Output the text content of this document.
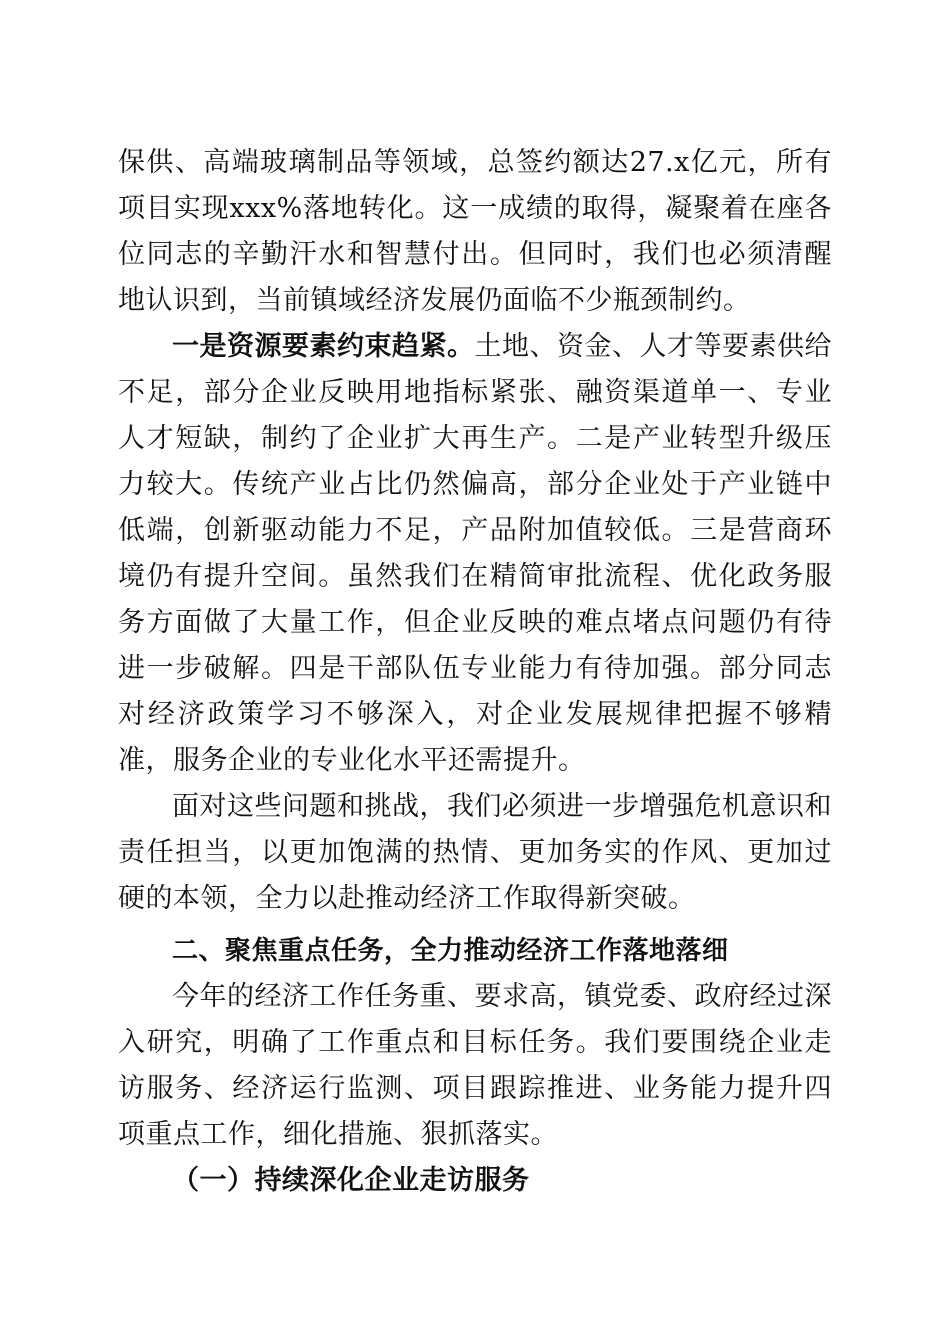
保供、高端玻璃制品等领域，总签约额达27.x亿元，所有项目实现xxx%落地转化。这一成绩的取得，凝聚着在座各位同志的辛勤汗水和智慧付出。但同时，我们也必须清醒地认识到，当前镇域经济发展仍面临不少瓶颈制约。

一是资源要素约束趋紧。土地、资金、人才等要素供给不足，部分企业反映用地指标紧张、融资渠道单一、专业人才短缺，制约了企业扩大再生产。二是产业转型升级压力较大。传统产业占比仍然偏高，部分企业处于产业链中低端，创新驱动能力不足，产品附加值较低。三是营商环境仍有提升空间。虽然我们在精简审批流程、优化政务服务方面做了大量工作，但企业反映的难点堵点问题仍有待进一步破解。四是干部队伍专业能力有待加强。部分同志对经济政策学习不够深入，对企业发展规律把握不够精准，服务企业的专业化水平还需提升。

面对这些问题和挑战，我们必须进一步增强危机意识和责任担当，以更加饱满的热情、更加务实的作风、更加过硬的本领，全力以赴推动经济工作取得新突破。

二、聚焦重点任务，全力推动经济工作落地落细

今年的经济工作任务重、要求高，镇党委、政府经过深入研究，明确了工作重点和目标任务。我们要围绕企业走访服务、经济运行监测、项目跟踪推进、业务能力提升四项重点工作，细化措施、狠抓落实。

（一）持续深化企业走访服务
